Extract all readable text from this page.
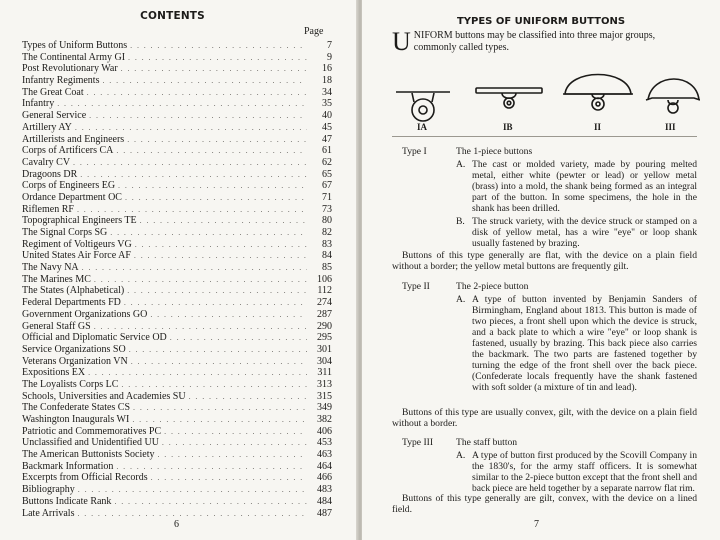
CONTENTS
Page
Types of Uniform Buttons . . .	7
The Continental Army GI . . .	9
Post Revolutionary War . . .	16
Infantry Regiments . . .	18
The Great Coat . . .	34
Infantry . . .	35
General Service . . .	40
Artillery AY . . .	45
Artillerists and Engineers . . .	47
Corps of Artificers CA . . .	61
Cavalry CV . . .	62
Dragoons DR . . .	65
Corps of Engineers EG . . .	67
Ordance Department OC . . .	71
Riflemen RF . . .	73
Topographical Engineers TE . . .	80
The Signal Corps SG . . .	82
Regiment of Voltigeurs VG . . .	83
United States Air Force AF . . .	84
The Navy NA . . .	85
The Marines MC . . .	106
The States (Alphabetical) . . .	112
Federal Departments FD . . .	274
Government Organizations GO . . .	287
General Staff GS . . .	290
Official and Diplomatic Service OD . . .	295
Service Organizations SO . . .	301
Veterans Organization VN . . .	304
Expositions EX . . .	311
The Loyalists Corps LC . . .	313
Schools, Universities and Academies SU . . .	315
The Confederate States CS . . .	349
Washington Inaugurals WI . . .	382
Patriotic and Commemoratives PC . . .	406
Unclassified and Unidentified UU . . .	453
The American Buttonists Society . . .	463
Backmark Information . . .	464
Excerpts from Official Records . . .	466
Bibliography . . .	483
Buttons Indicate Rank . . .	484
Late Arrivals . . .	487
6
TYPES OF UNIFORM BUTTONS
UNIFORM buttons may be classified into three major groups, commonly called types.
IA	IB	II	III
Type I	The 1-piece buttons
A. The cast or molded variety, made by pouring melted metal, either white (pewter or lead) or yellow metal (brass) into a mold, the shank being formed as an integral part of the button. In some specimens, the hole in the shank has been drilled.
B. The struck variety, with the device struck or stamped on a disk of yellow metal, has a wire "eye" or loop shank usually fastened by brazing.
Buttons of this type generally are flat, with the device on a plain field without a border; the yellow metal buttons are frequently gilt.
Type II	The 2-piece button
A. A type of button invented by Benjamin Sanders of Birmingham, England about 1813. This button is made of two pieces, a front shell upon which the device is struck, and a back plate to which a wire "eye" or loop shank is fastened, usually by brazing. This back piece also carries the backmark. The two parts are fastened together by turning the edge of the front shell over the back piece. (Confederate locals frequently have the shank fastened with soft solder (a mixture of tin and lead).
Buttons of this type are usually convex, gilt, with the device on a plain field without a border.
Type III	The staff button
A. A type of button first produced by the Scovill Company in the 1830's, for the army staff officers. It is somewhat similar to the 2-piece button except that the front shell and back piece are held together by a separate narrow flat rim.
Buttons of this type generally are gilt, convex, with the device on a lined field.
7
